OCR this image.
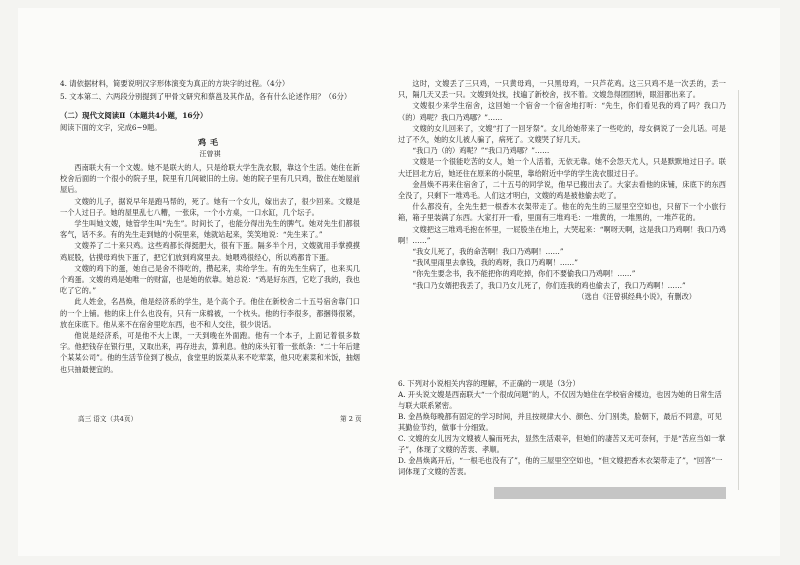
4. 请依据材料，简要说明汉字形体演变为真正的方块字的过程。（4分）
5. 文本第二、六两段分别提到了甲骨文研究和蔡邕及其作品，各有什么论述作用？（6分）
（二）现代文阅读Ⅱ（本题共4小题，16分）
阅读下面的文字，完成6~9题。
鸡毛
汪曾祺

西南联大有一个文嫂。她不是联大的人，只是给联大学生洗衣服，靠这个生活。她住在新校舍后面的一个很小的院子里，院里有几间破旧的土房。她的院子里有几只鸡，散住在她屋前屋后。

文嫂的儿子，据说早年是跑马帮的，死了。她有一个女儿，嫁出去了，很少回来。文嫂是一个人过日子。她的屋里乱七八糟，一张床，一个小方桌，一口水缸，几个坛子。

学生叫她文嫂，她管学生叫“先生”。时间长了，也能分得出先生的脾气。她对先生们都很客气，话不多。有的先生走到她的小院里来，她就站起来，笑笑地说：“先生来了。”

文嫂养了二十来只鸡。这些鸡都长得挺肥大，很有下蛋。隔多半个月，文嫂就用手掌摸摸鸡屁股，估摸母鸡快下蛋了，把它们放到鸡窝里去。她喂鸡很经心，所以鸡都肯下蛋。

文嫂的鸡下的蛋，她自己是舍不得吃的，攒起来，卖给学生。有的先生生病了，也来买几个鸡蛋。文嫂的鸡是她唯一的财富，也是她的依靠。她总说：“鸡是好东西，它吃了我的，我也吃了它的。”

此人姓金，名昌焕，他是经济系的学生，是个高个子。他住在新校舍二十五号宿舍靠门口的一个上铺。他的床上什么也没有，只有一床棉被，一个枕头。他的行李很多，都捆得很紧，放在床底下。他从来不在宿舍里吃东西，也不和人交往，很少说话。

他说是经济系，可是他不大上课，一天到晚在外面跑。他有一个本子，上面记着很多数字。他把钱存在银行里，又取出来，再存进去，算利息。他的床头钉着一张纸条：“二十年后建个某某公司”。他的生活节俭到了极点，食堂里的饭菜从来不吃荤菜，他只吃素菜和米饭，抽烟也只抽最便宜的。

这时，文嫂丢了三只鸡，一只黄母鸡，一只黑母鸡，一只芦花鸡。这三只鸡不是一次丢的，丢一只，隔几天又丢一只。文嫂到处找，找遍了新校舍，找不着。文嫂急得团团转，眼泪都出来了。

文嫂很少来学生宿舍，这回她一个宿舍一个宿舍地打听：“先生，你们看见我的鸡了吗？我口乃（的）鸡呢？我口乃鸡哪？”……

文嫂的女儿回来了，文嫂“打了一回牙祭”。女儿给她带来了一些吃的，母女俩说了一会儿话。可是过了不久，她的女儿被人骗了，病死了。文嫂哭了好几天。

“我口乃（的）鸡呢？”“我口乃鸡哪？”……

文嫂是一个很能吃苦的女人，她一个人活着，无依无靠。她不会怨天尤人，只是默默地过日子。联大迁回北方后，她还住在原来的小院里，靠给附近中学的学生洗衣服过日子。

金昌焕不再来住宿舍了，二十五号的同学说，他早已搬出去了。大家去看他的床铺，床底下的东西全没了，只剩下一堆鸡毛。人们这才明白，文嫂的鸡是被他偷去吃了。

什么都没有，全先生把一根香木衣架带走了。他在的先生的三屋里空空如也，只留下一个小旅行箱，箱子里装满了东西。大家打开一看，里面有三堆鸡毛：一堆黄的，一堆黑的，一堆芦花的。

文嫂把这三堆鸡毛抱在怀里，一屁股坐在地上，大哭起来：“啊呀天啊，这是我口乃鸡啊！我口乃鸡啊！……”

“我女儿死了，我的命苦啊！我口乃鸡啊！……”

“我风里雨里去拿钱，我的鸡呀，我口乃鸡啊！……”

“你先生要念书，我不能把你的鸡吃掉，你们不要偷我口乃鸡啊！……”

“我口乃女婿把我丢了，我口乃女儿死了，你们连我的鸡也偷去了，我口乃鸡啊！……”

（选自《汪曾祺经典小说》，有删改）

6. 下列对小说相关内容的理解，不正确的一项是（3分）
A. 开头说文嫂是西南联大“一个很成问题”的人，不仅因为她住在学校宿舍楼边，也因为她的日常生活与联大联系紧密。
B. 金昌焕每晚都有固定的学习时间，并且按规律大小、颜色、分门别类，脸朝下，最后不同意，可见其勤俭节约，做事十分细致。
C. 文嫂的女儿因为文嫂被人骗而死去，显然生活艰辛，但她们的凄苦又无可奈何，于是“苦应当如一掌子”，体现了文嫂的苦衷、孝顺。
D. 金昌焕离开后，“一根毛也没有了”，他的三屋里空空如也，“但文嫂把香木衣架带走了”，“回答”一词体现了文嫂的苦衷。
高三 语文（共4页）	第 2 页
